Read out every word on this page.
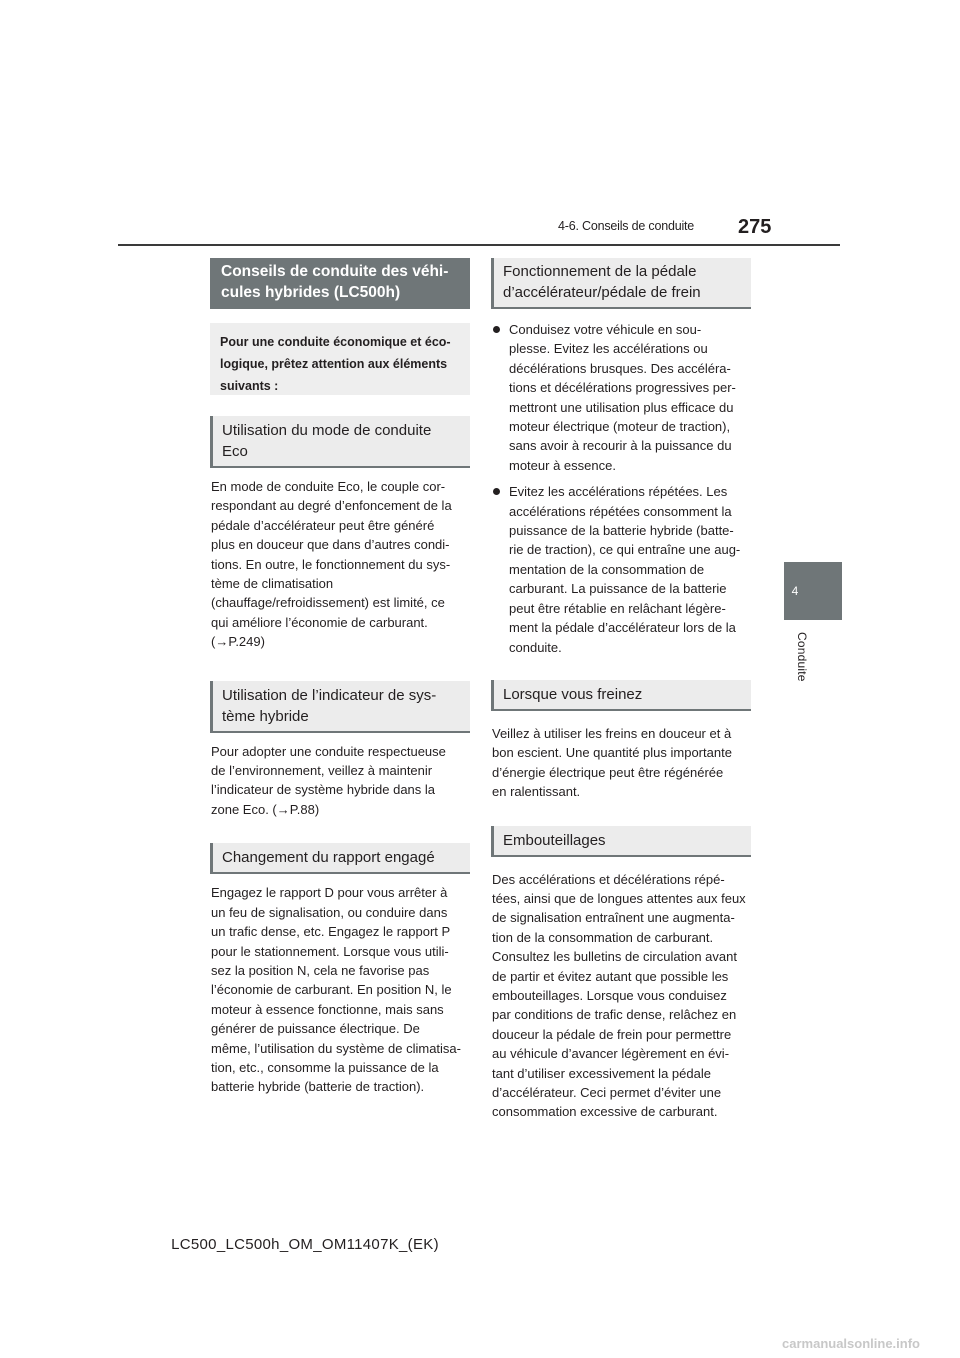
4-6. Conseils de conduite 275
4
Conduite
Conseils de conduite des véhi-
cules hybrides (LC500h)
Pour une conduite économique et éco-
logique, prêtez attention aux éléments
suivants :
Utilisation du mode de conduite
Eco

En mode de conduite Eco, le couple cor-
respondant au degré d’enfoncement de la
pédale d’accélérateur peut être généré
plus en douceur que dans d’autres condi-
tions. En outre, le fonctionnement du sys-
tème de climatisation
(chauffage/refroidissement) est limité, ce
qui améliore l’économie de carburant.
(→P.249)

Utilisation de l’indicateur de sys-
tème hybride

Pour adopter une conduite respectueuse
de l’environnement, veillez à maintenir
l’indicateur de système hybride dans la
zone Eco. (→P.88)

Changement du rapport engagé

Engagez le rapport D pour vous arrêter à
un feu de signalisation, ou conduire dans
un trafic dense, etc. Engagez le rapport P
pour le stationnement. Lorsque vous utili-
sez la position N, cela ne favorise pas
l’économie de carburant. En position N, le
moteur à essence fonctionne, mais sans
générer de puissance électrique. De
même, l’utilisation du système de climatisa-
tion, etc., consomme la puissance de la
batterie hybride (batterie de traction).

Fonctionnement de la pédale
d’accélérateur/pédale de frein
Conduisez votre véhicule en sou-
plesse. Evitez les accélérations ou
décélérations brusques. Des accéléra-
tions et décélérations progressives per-
mettront une utilisation plus efficace du
moteur électrique (moteur de traction),
sans avoir à recourir à la puissance du
moteur à essence.
Evitez les accélérations répétées. Les
accélérations répétées consomment la
puissance de la batterie hybride (batte-
rie de traction), ce qui entraîne une aug-
mentation de la consommation de
carburant. La puissance de la batterie
peut être rétablie en relâchant légère-
ment la pédale d’accélérateur lors de la
conduite.
Lorsque vous freinez

Veillez à utiliser les freins en douceur et à
bon escient. Une quantité plus importante
d’énergie électrique peut être régénérée
en ralentissant.

Embouteillages

Des accélérations et décélérations répé-
tées, ainsi que de longues attentes aux feux
de signalisation entraînent une augmenta-
tion de la consommation de carburant.
Consultez les bulletins de circulation avant
de partir et évitez autant que possible les
embouteillages. Lorsque vous conduisez
par conditions de trafic dense, relâchez en
douceur la pédale de frein pour permettre
au véhicule d’avancer légèrement en évi-
tant d’utiliser excessivement la pédale
d’accélérateur. Ceci permet d’éviter une
consommation excessive de carburant.

LC500_LC500h_OM_OM11407K_(EK)
carmanualsonline.info
